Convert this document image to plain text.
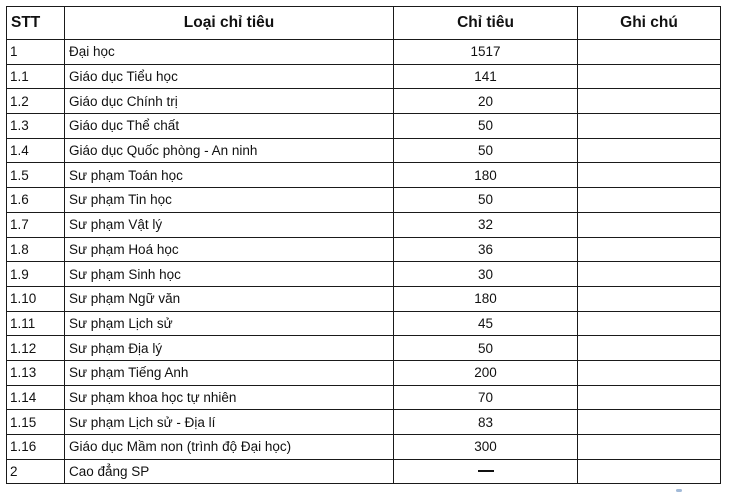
STT	Loại chỉ tiêu	Chỉ tiêu	Ghi chú
1	Đại học	1517	
1.1	Giáo dục Tiểu học	141	
1.2	Giáo dục Chính trị	20	
1.3	Giáo dục Thể chất	50	
1.4	Giáo dục Quốc phòng - An ninh	50	
1.5	Sư phạm Toán học	180	
1.6	Sư phạm Tin học	50	
1.7	Sư phạm Vật lý	32	
1.8	Sư phạm Hoá học	36	
1.9	Sư phạm Sinh học	30	
1.10	Sư phạm Ngữ văn	180	
1.11	Sư phạm Lịch sử	45	
1.12	Sư phạm Địa lý	50	
1.13	Sư phạm Tiếng Anh	200	
1.14	Sư phạm khoa học tự nhiên	70	
1.15	Sư phạm Lịch sử - Địa lí	83	
1.16	Giáo dục Mầm non (trình độ Đại học)	300	
2	Cao đẳng SP		
